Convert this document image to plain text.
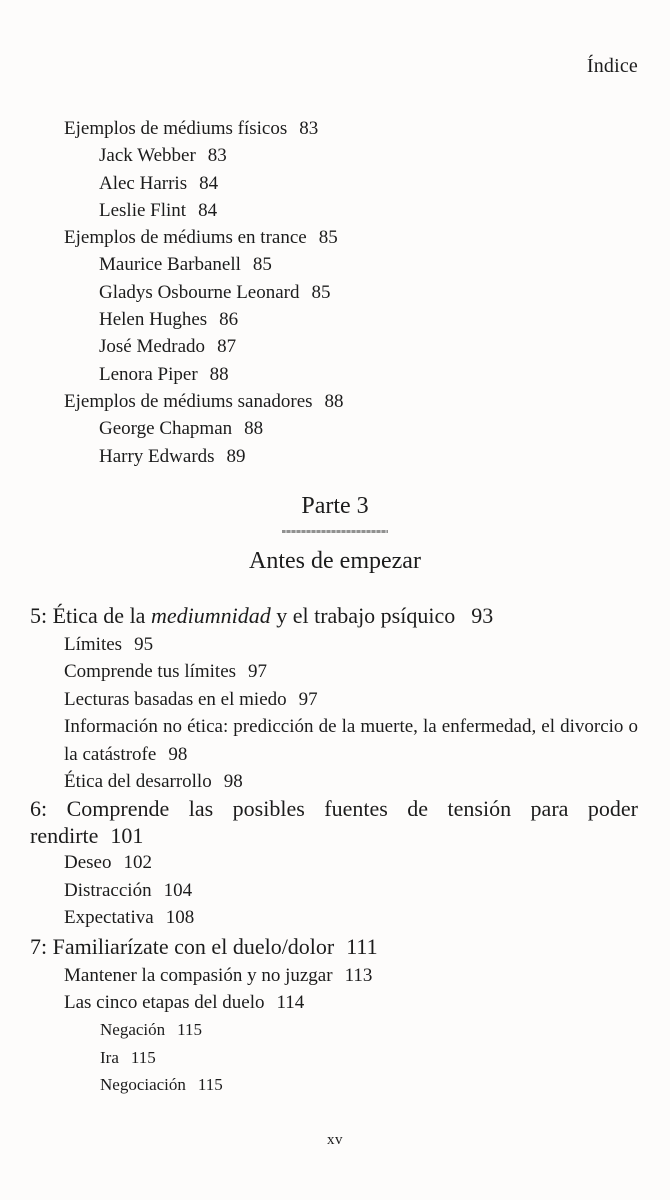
Índice
Ejemplos de médiums físicos 83
Jack Webber 83
Alec Harris 84
Leslie Flint 84
Ejemplos de médiums en trance 85
Maurice Barbanell 85
Gladys Osbourne Leonard 85
Helen Hughes 86
José Medrado 87
Lenora Piper 88
Ejemplos de médiums sanadores 88
George Chapman 88
Harry Edwards 89
Parte 3
Antes de empezar
5: Ética de la mediumnidad y el trabajo psíquico 93
Límites 95
Comprende tus límites 97
Lecturas basadas en el miedo 97
Información no ética: predicción de la muerte, la enfermedad, el divorcio o la catástrofe 98
Ética del desarrollo 98
6: Comprende las posibles fuentes de tensión para poder rendirte 101
Deseo 102
Distracción 104
Expectativa 108
7: Familiarízate con el duelo/dolor 111
Mantener la compasión y no juzgar 113
Las cinco etapas del duelo 114
Negación 115
Ira 115
Negociación 115
xv
